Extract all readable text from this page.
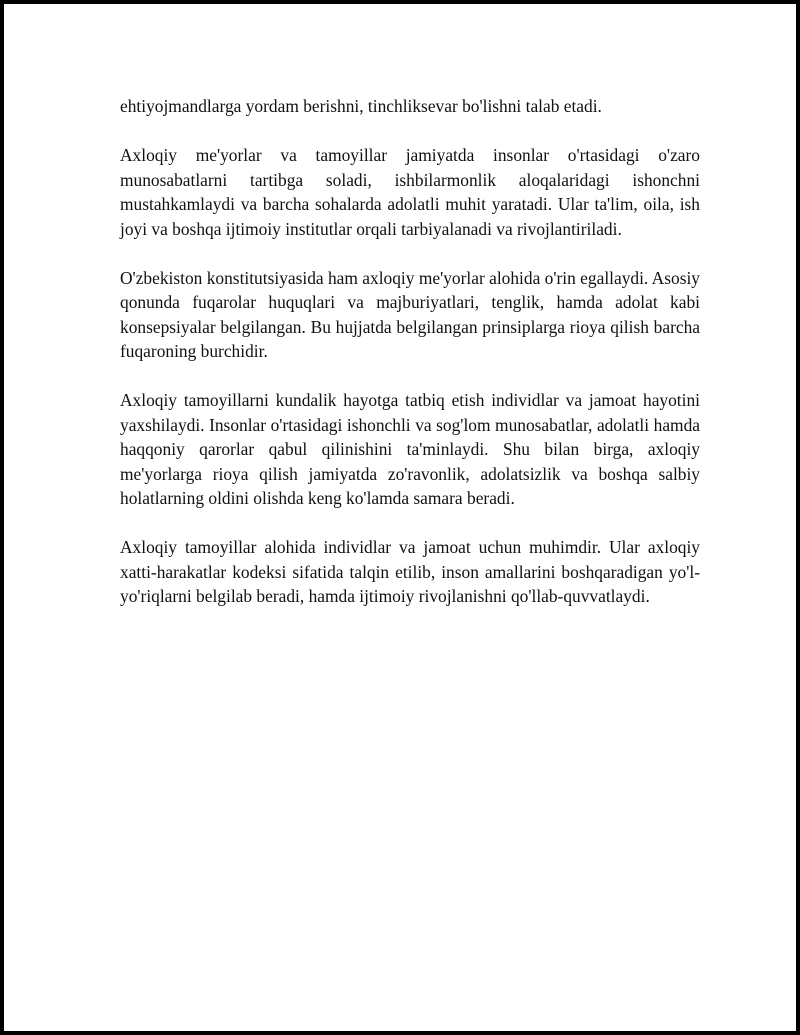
ehtiyojmandlarga yordam berishni, tinchliksevar bo'lishni talab etadi.

Axloqiy me'yorlar va tamoyillar jamiyatda insonlar o'rtasidagi o'zaro munosabatlarni tartibga soladi, ishbilarmonlik aloqalaridagi ishonchni mustahkamlaydi va barcha sohalarda adolatli muhit yaratadi. Ular ta'lim, oila, ish joyi va boshqa ijtimoiy institutlar orqali tarbiyalanadi va rivojlantiriladi.

O'zbekiston konstitutsiyasida ham axloqiy me'yorlar alohida o'rin egallaydi. Asosiy qonunda fuqarolar huquqlari va majburiyatlari, tenglik, hamda adolat kabi konsepsiyalar belgilangan. Bu hujjatda belgilangan prinsiplarga rioya qilish barcha fuqaroning burchidir.

Axloqiy tamoyillarni kundalik hayotga tatbiq etish individlar va jamoat hayotini yaxshilaydi. Insonlar o'rtasidagi ishonchli va sog'lom munosabatlar, adolatli hamda haqqoniy qarorlar qabul qilinishini ta'minlaydi. Shu bilan birga, axloqiy me'yorlarga rioya qilish jamiyatda zo'ravonlik, adolatsizlik va boshqa salbiy holatlarning oldini olishda keng ko'lamda samara beradi.

Axloqiy tamoyillar alohida individlar va jamoat uchun muhimdir. Ular axloqiy xatti-harakatlar kodeksi sifatida talqin etilib, inson amallarini boshqaradigan yo'l-yo'riqlarni belgilab beradi, hamda ijtimoiy rivojlanishni qo'llab-quvvatlaydi.
